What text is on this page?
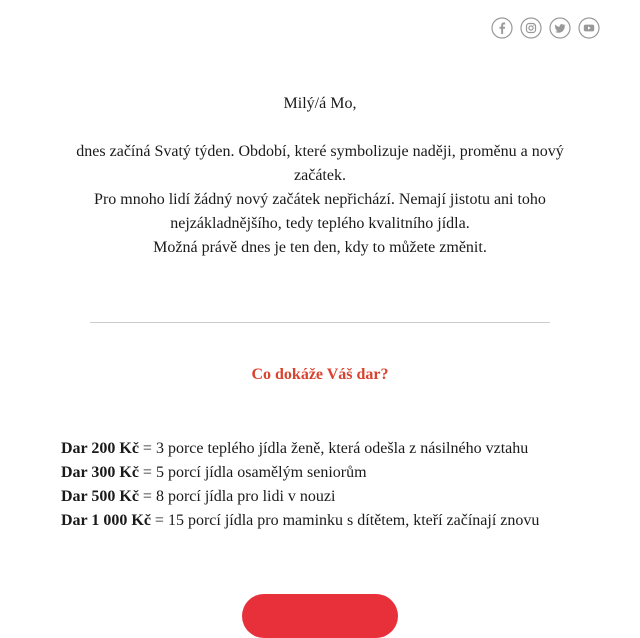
Milý/á Mo,

dnes začíná Svatý týden. Období, které symbolizuje naději, proměnu a nový začátek.

Pro mnoho lidí žádný nový začátek nepřichází. Nemají jistotu ani toho nejzákladnějšího, tedy teplého kvalitního jídla.

Možná právě dnes je ten den, kdy to můžete změnit.

Co dokáže Váš dar?
Dar 200 Kč = 3 porce teplého jídla ženě, která odešla z násilného vztahu
Dar 300 Kč = 5 porcí jídla osamělým seniorům
Dar 500 Kč = 8 porcí jídla pro lidi v nouzi
Dar 1 000 Kč = 15 porcí jídla pro maminku s dítětem, kteří začínají znovu
